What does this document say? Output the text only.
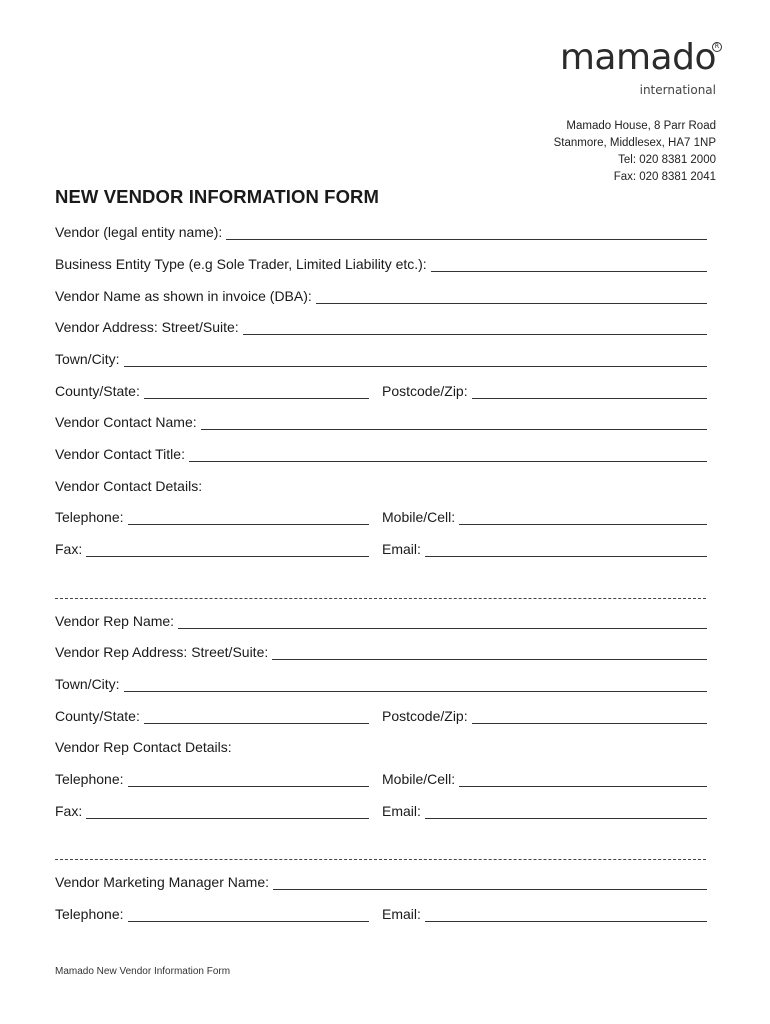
mamado
R
international
Mamado House, 8 Parr Road
Stanmore, Middlesex, HA7 1NP
Tel: 020 8381 2000
Fax: 020 8381 2041
NEW VENDOR INFORMATION FORM
Vendor (legal entity name):
Business Entity Type (e.g Sole Trader, Limited Liability etc.):
Vendor Name as shown in invoice (DBA):
Vendor Address: Street/Suite:
Town/City:
County/State:	Postcode/Zip:
Vendor Contact Name:
Vendor Contact Title:
Vendor Contact Details:
Telephone:	Mobile/Cell:
Fax:	Email:
Vendor Rep Name:
Vendor Rep Address: Street/Suite:
Town/City:
County/State:	Postcode/Zip:
Vendor Rep Contact Details:
Telephone:	Mobile/Cell:
Fax:	Email:
Vendor Marketing Manager Name:
Telephone:	Email:
Mamado New Vendor Information Form
